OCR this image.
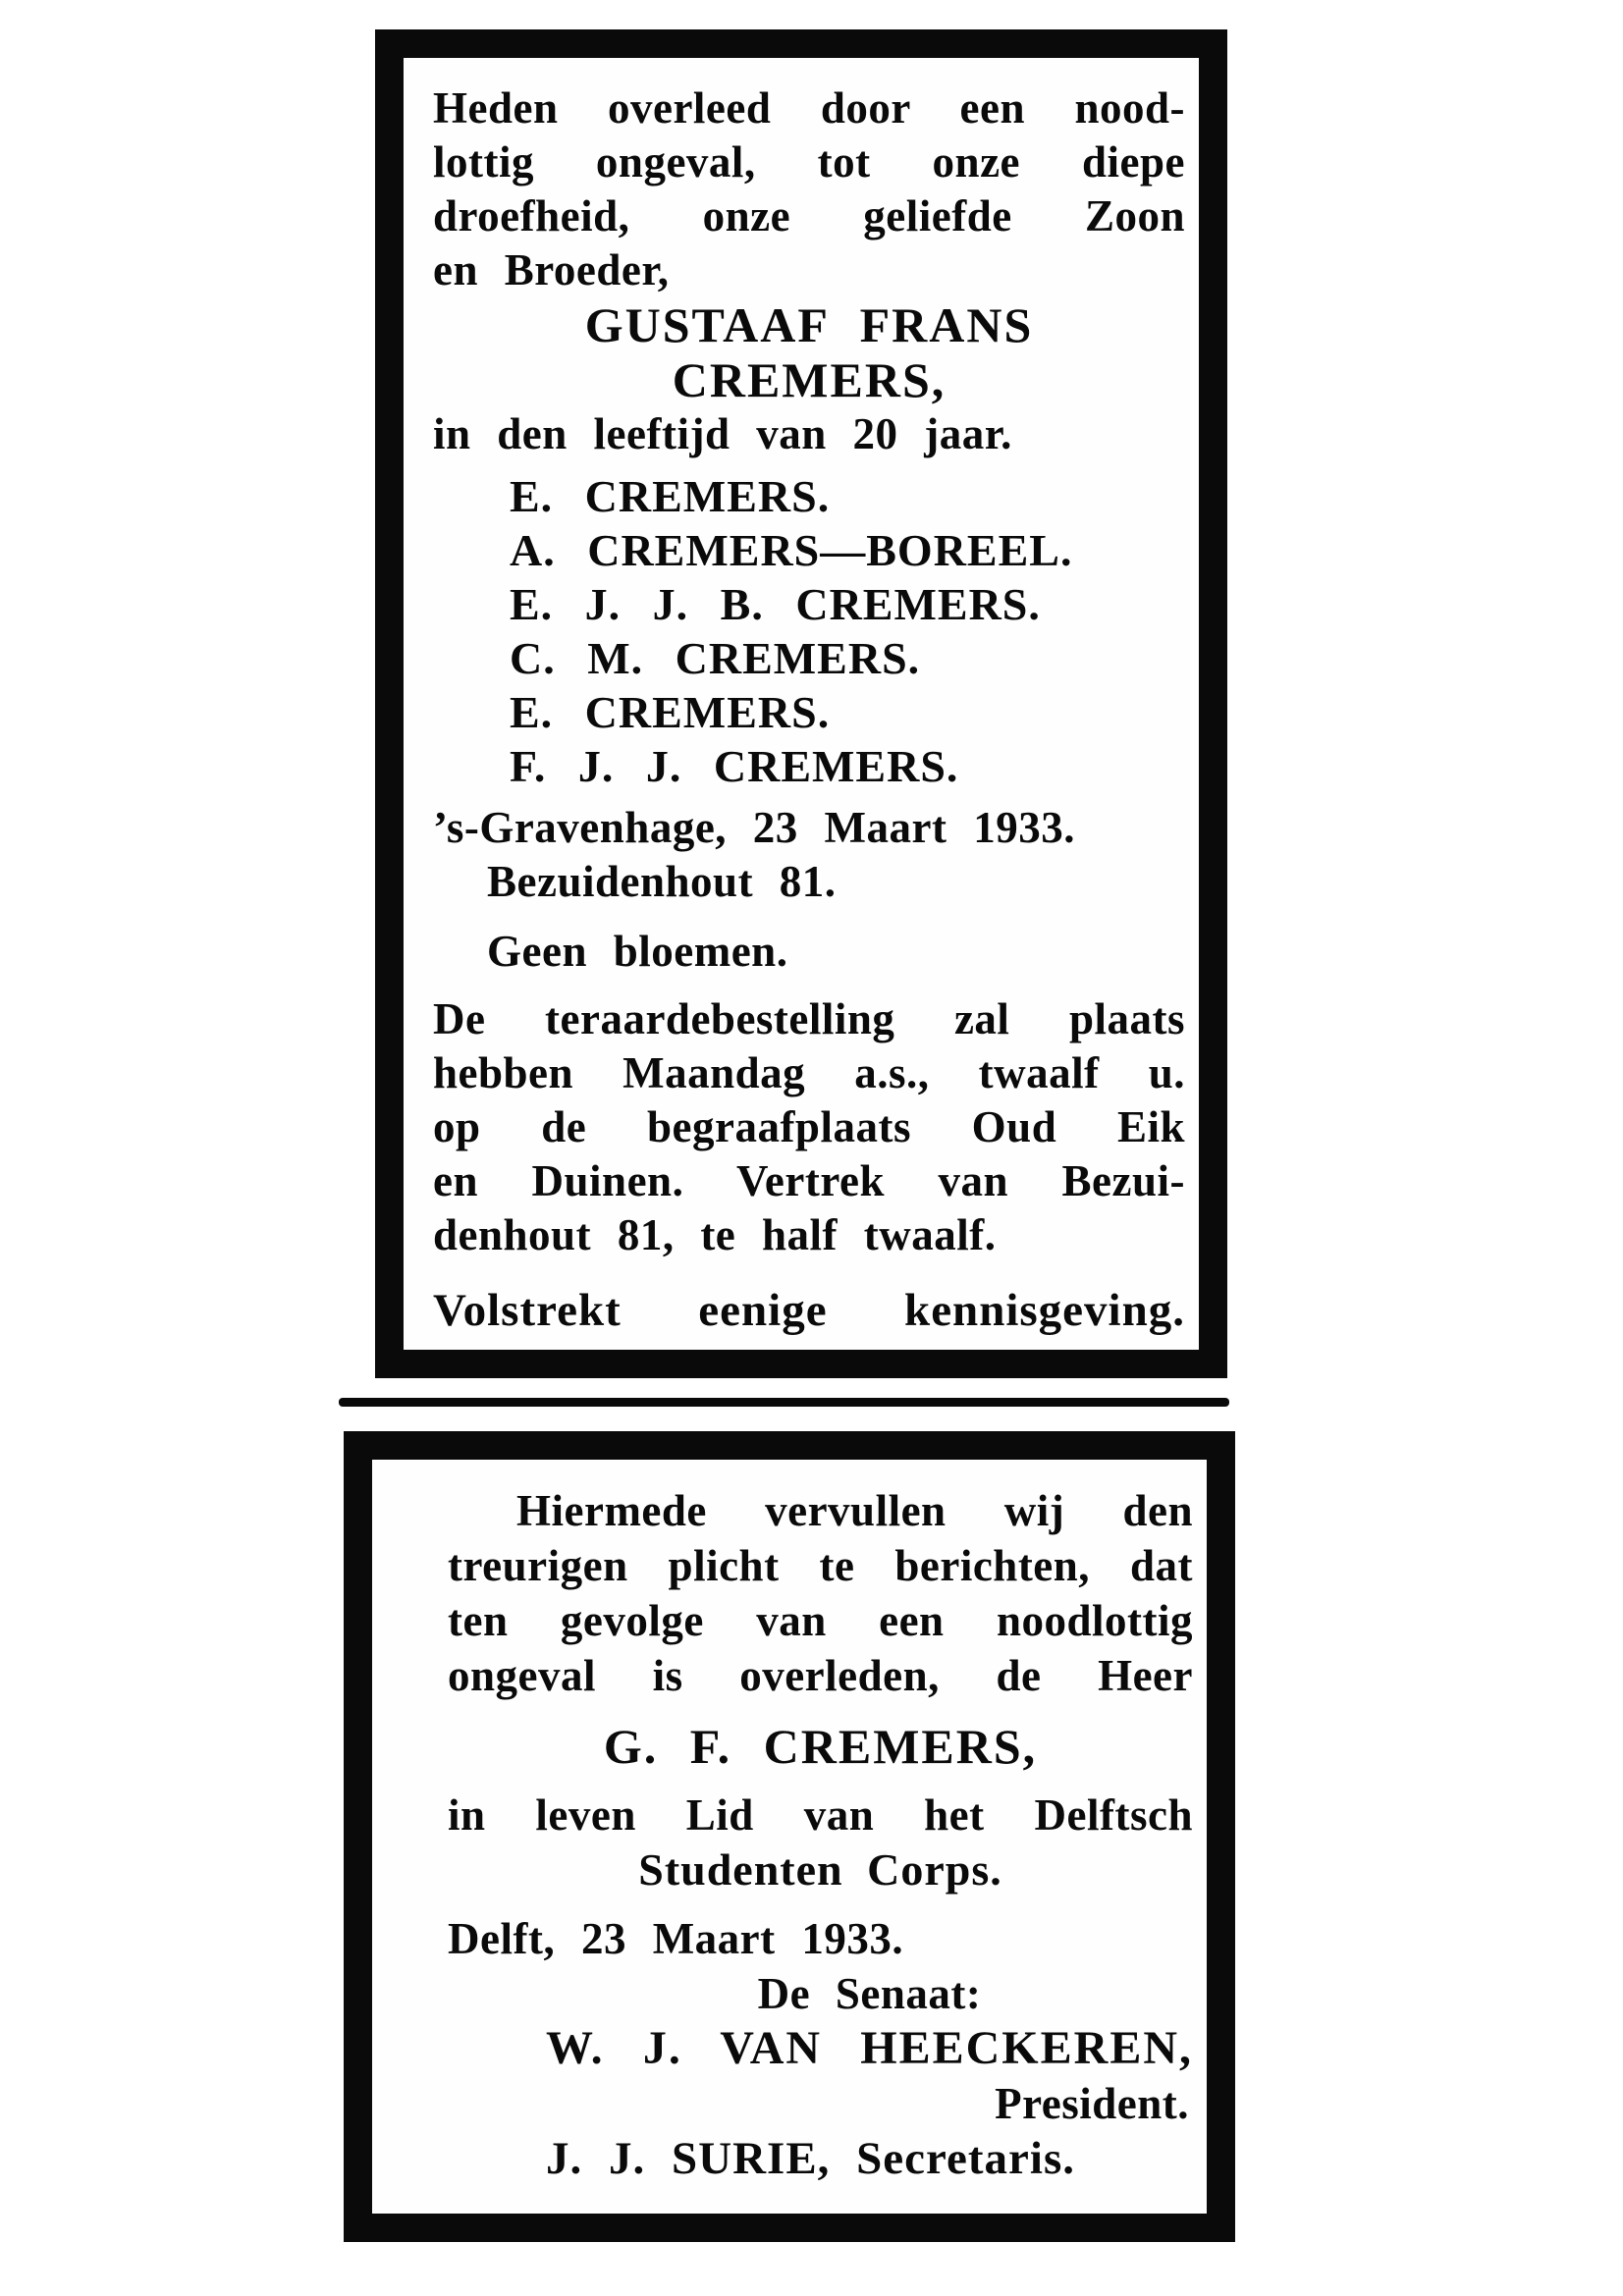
Heden overleed door een nood-
lottig ongeval, tot onze diepe
droefheid, onze geliefde Zoon
en Broeder,
GUSTAAF FRANS
CREMERS,
in den leeftijd van 20 jaar.
E. CREMERS.
A. CREMERS—BOREEL.
E. J. J. B. CREMERS.
C. M. CREMERS.
E. CREMERS.
F. J. J. CREMERS.
’s-Gravenhage, 23 Maart 1933.
Bezuidenhout 81.
Geen bloemen.
De teraardebestelling zal plaats
hebben Maandag a.s., twaalf u.
op de begraafplaats Oud Eik
en Duinen. Vertrek van Bezui-
denhout 81, te half twaalf.
Volstrekt eenige kennisgeving.
Hiermede vervullen wij den
treurigen plicht te berichten, dat
ten gevolge van een noodlottig
ongeval is overleden, de Heer
G. F. CREMERS,
in leven Lid van het Delftsch
Studenten Corps.
Delft, 23 Maart 1933.
De Senaat:
W. J. VAN HEECKEREN,
President.
J. J. SURIE, Secretaris.
